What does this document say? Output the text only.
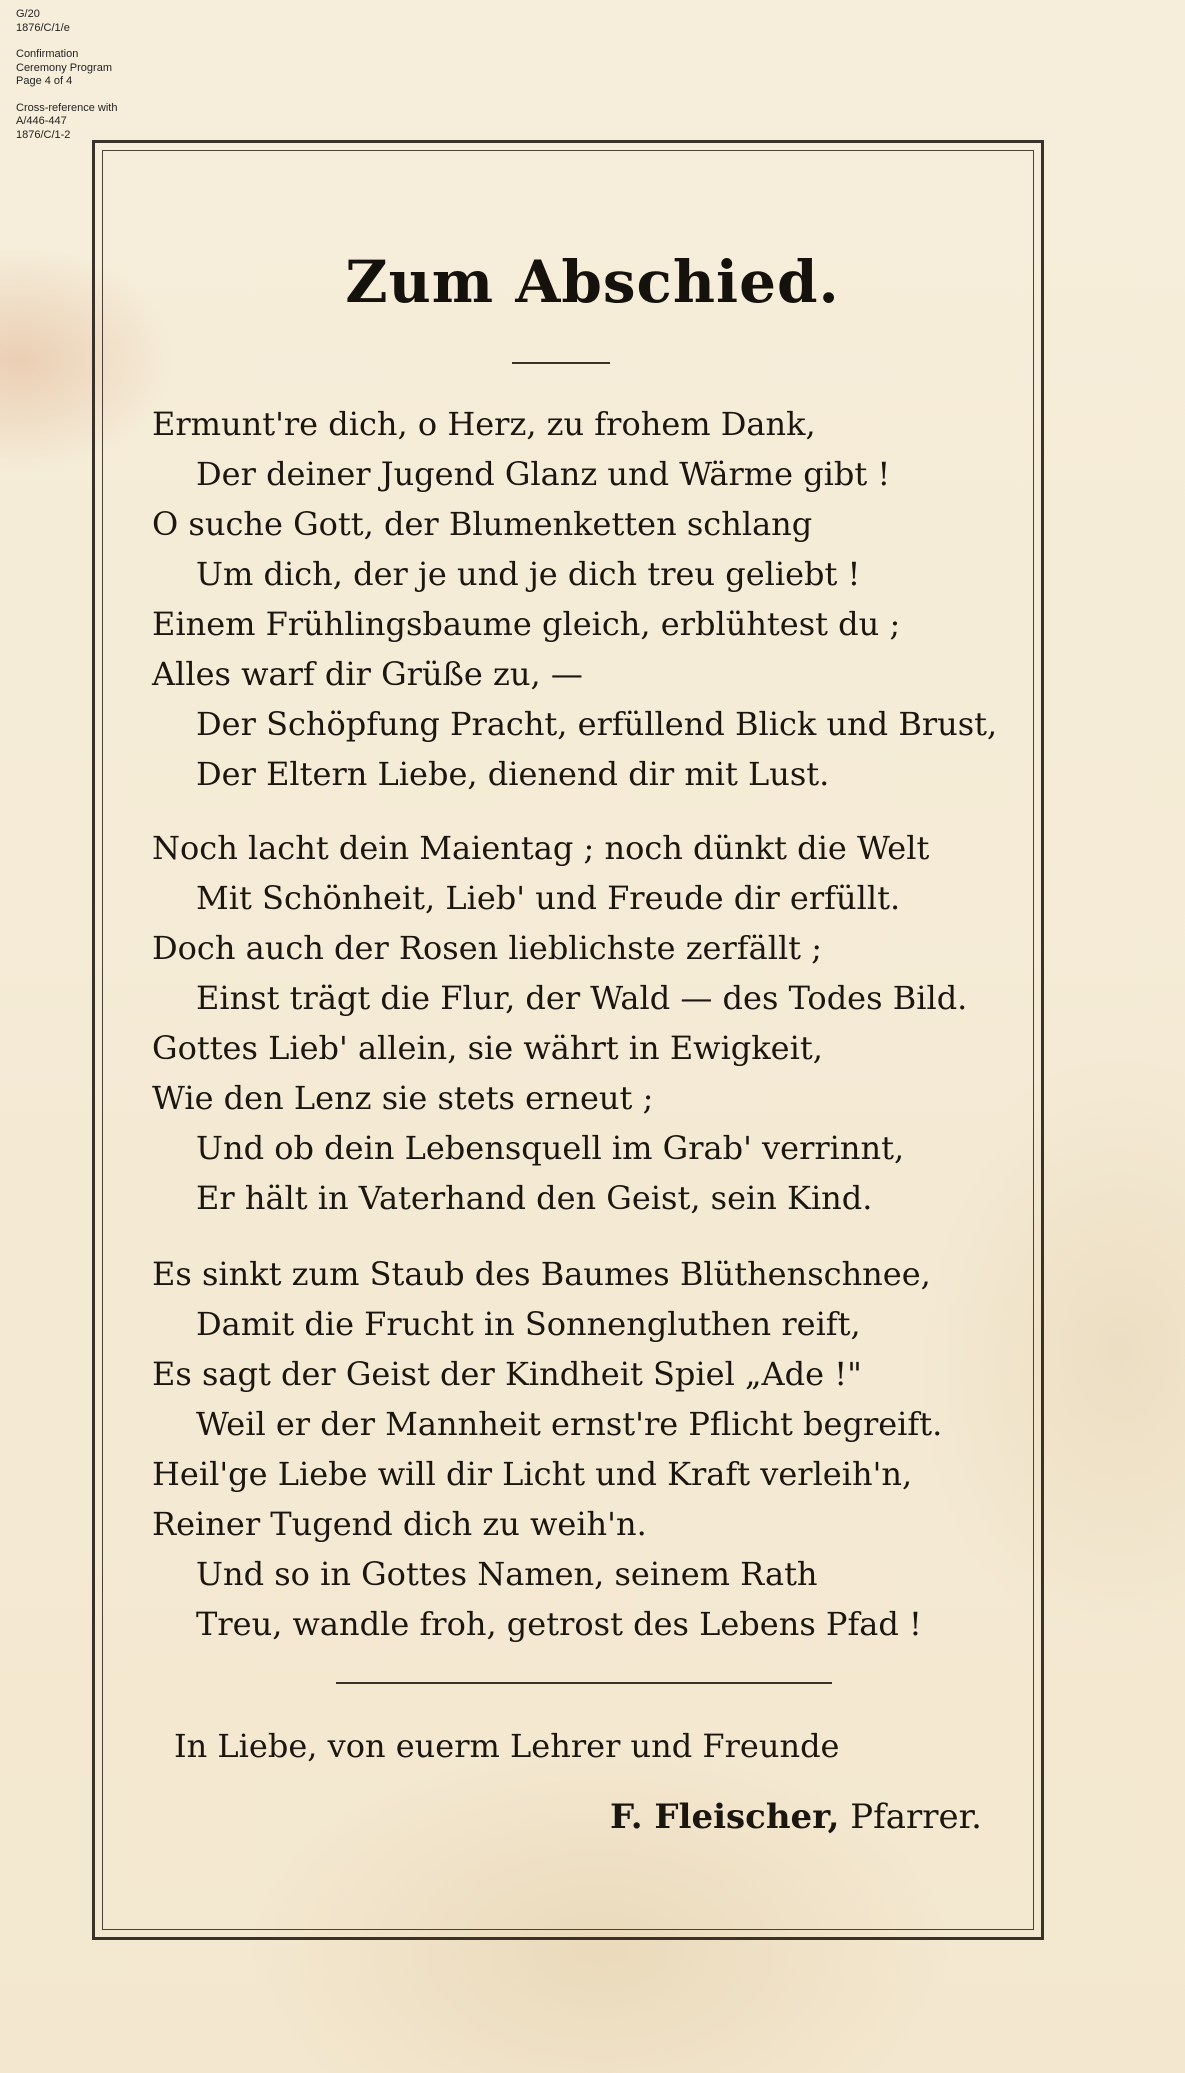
G/20
1876/C/1/e
Confirmation
Ceremony Program
Page 4 of 4
Cross-reference with
A/446-447
1876/C/1-2
Zum Abschied.
Ermunt're dich, o Herz, zu frohem Dank,
Der deiner Jugend Glanz und Wärme gibt !
O suche Gott, der Blumenketten schlang
Um dich, der je und je dich treu geliebt !
Einem Frühlingsbaume gleich, erblühtest du ;
Alles warf dir Grüße zu, —
Der Schöpfung Pracht, erfüllend Blick und Brust,
Der Eltern Liebe, dienend dir mit Lust.
Noch lacht dein Maientag ; noch dünkt die Welt
Mit Schönheit, Lieb' und Freude dir erfüllt.
Doch auch der Rosen lieblichste zerfällt ;
Einst trägt die Flur, der Wald — des Todes Bild.
Gottes Lieb' allein, sie währt in Ewigkeit,
Wie den Lenz sie stets erneut ;
Und ob dein Lebensquell im Grab' verrinnt,
Er hält in Vaterhand den Geist, sein Kind.
Es sinkt zum Staub des Baumes Blüthenschnee,
Damit die Frucht in Sonnengluthen reift,
Es sagt der Geist der Kindheit Spiel „Ade !"
Weil er der Mannheit ernst're Pflicht begreift.
Heil'ge Liebe will dir Licht und Kraft verleih'n,
Reiner Tugend dich zu weih'n.
Und so in Gottes Namen, seinem Rath
Treu, wandle froh, getrost des Lebens Pfad !
In Liebe, von euerm Lehrer und Freunde
F. Fleischer, Pfarrer.
